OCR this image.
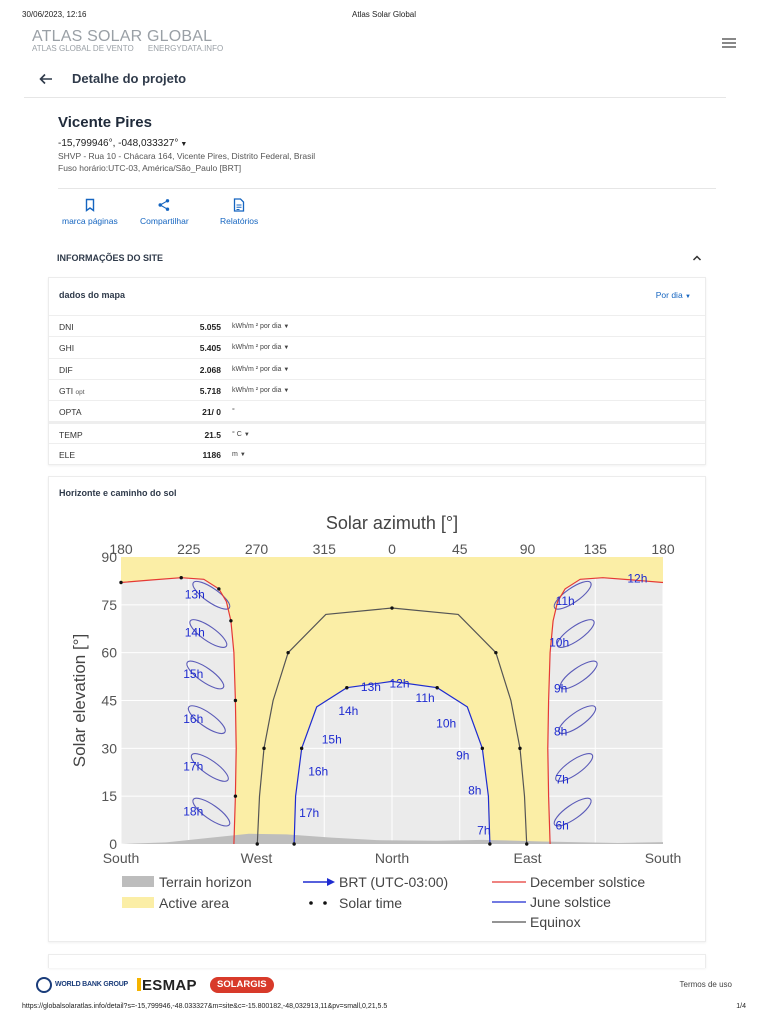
30/06/2023, 12:16	Atlas Solar Global
ATLAS SOLAR GLOBAL
ATLAS GLOBAL DE VENTO ENERGYDATA.INFO
Detalhe do projeto
Vicente Pires
-15,799946°, -048,033327° ▼
SHVP - Rua 10 - Chácara 164, Vicente Pires, Distrito Federal, Brasil
Fuso horário:UTC-03, América/São_Paulo [BRT]
marca páginas	Compartilhar	Relatórios
INFORMAÇÕES DO SITE
dados do mapa	Por dia ▼
DNI	5.055 kWh/m ² por dia ▼
GHI	5.405 kWh/m ² por dia ▼
DIF	2.068 kWh/m ² por dia ▼
GTI opt	5.718 kWh/m ² por dia ▼
OPTA	21/ 0 °
TEMP	21.5 ° C ▼
ELE	1186 m ▼
Horizonte e caminho do sol
6h
7h
8h
9h
10h
11h
12h
13h
14h
15h
16h
17h
18h
13h 12h
11h
14h
10h
15h
9h
16h
8h
17h
7h
Solar azimuth [°]
180	225	270	315	0	45	90	135	180
0
15
30
45
60
75
90
South	West	North	East	South
Solar elevation [°]
Terrain horizon
Active area
BRT (UTC-03:00)
Solar time
December solstice
June solstice
Equinox
WORLD BANK GROUP ESMAP	SOLARGIS	Termos de uso
https://globalsolaratlas.info/detail?s=-15,799946,-48.033327&m=site&c=-15.800182,-48,032913,11&pv=small,0,21,5.5	1/4
